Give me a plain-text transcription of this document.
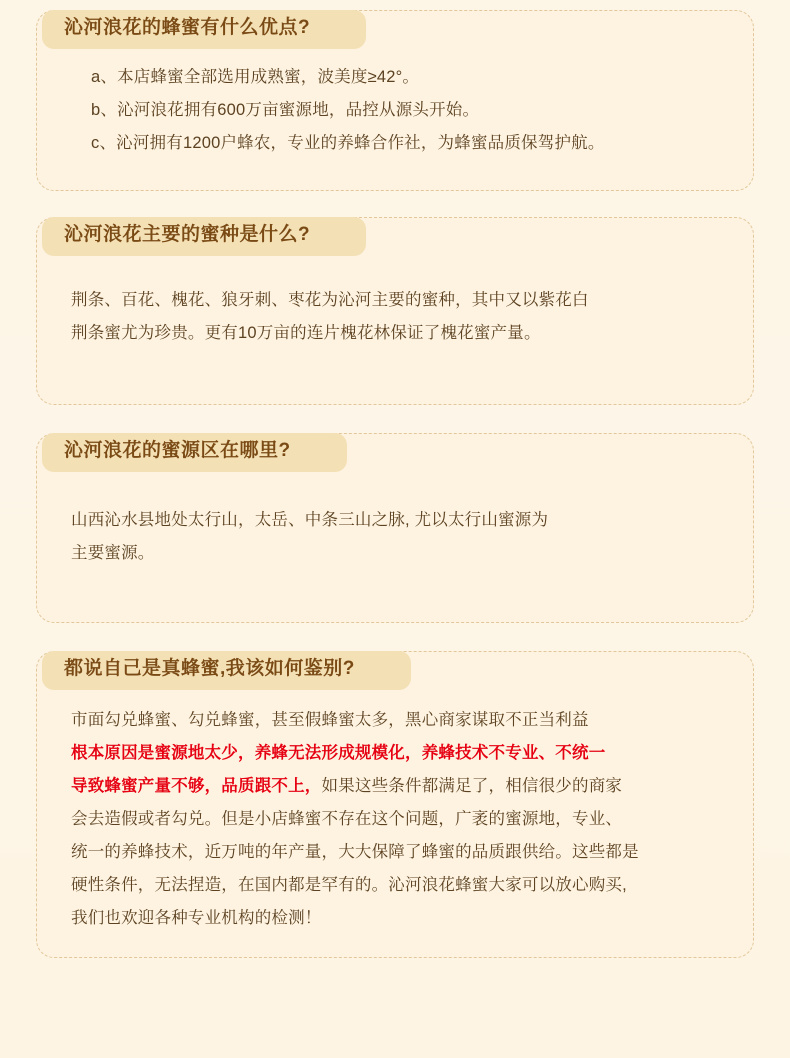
沁河浪花的蜂蜜有什么优点?
a、本店蜂蜜全部选用成熟蜜，波美度≥42°。
b、沁河浪花拥有600万亩蜜源地，品控从源头开始。
c、沁河拥有1200户蜂农，专业的养蜂合作社，为蜂蜜品质保驾护航。
沁河浪花主要的蜜种是什么?
荆条、百花、槐花、狼牙刺、枣花为沁河主要的蜜种，其中又以紫花白
荆条蜜尤为珍贵。更有10万亩的连片槐花林保证了槐花蜜产量。
沁河浪花的蜜源区在哪里?
山西沁水县地处太行山，太岳、中条三山之脉, 尤以太行山蜜源为
主要蜜源。
都说自己是真蜂蜜,我该如何鉴别?
市面勾兑蜂蜜、勾兑蜂蜜，甚至假蜂蜜太多，黑心商家谋取不正当利益
根本原因是蜜源地太少，养蜂无法形成规模化，养蜂技术不专业、不统一
导致蜂蜜产量不够，品质跟不上，如果这些条件都满足了，相信很少的商家
会去造假或者勾兑。但是小店蜂蜜不存在这个问题，广袤的蜜源地，专业、
统一的养蜂技术，近万吨的年产量，大大保障了蜂蜜的品质跟供给。这些都是
硬性条件，无法捏造，在国内都是罕有的。沁河浪花蜂蜜大家可以放心购买,
我们也欢迎各种专业机构的检测！
